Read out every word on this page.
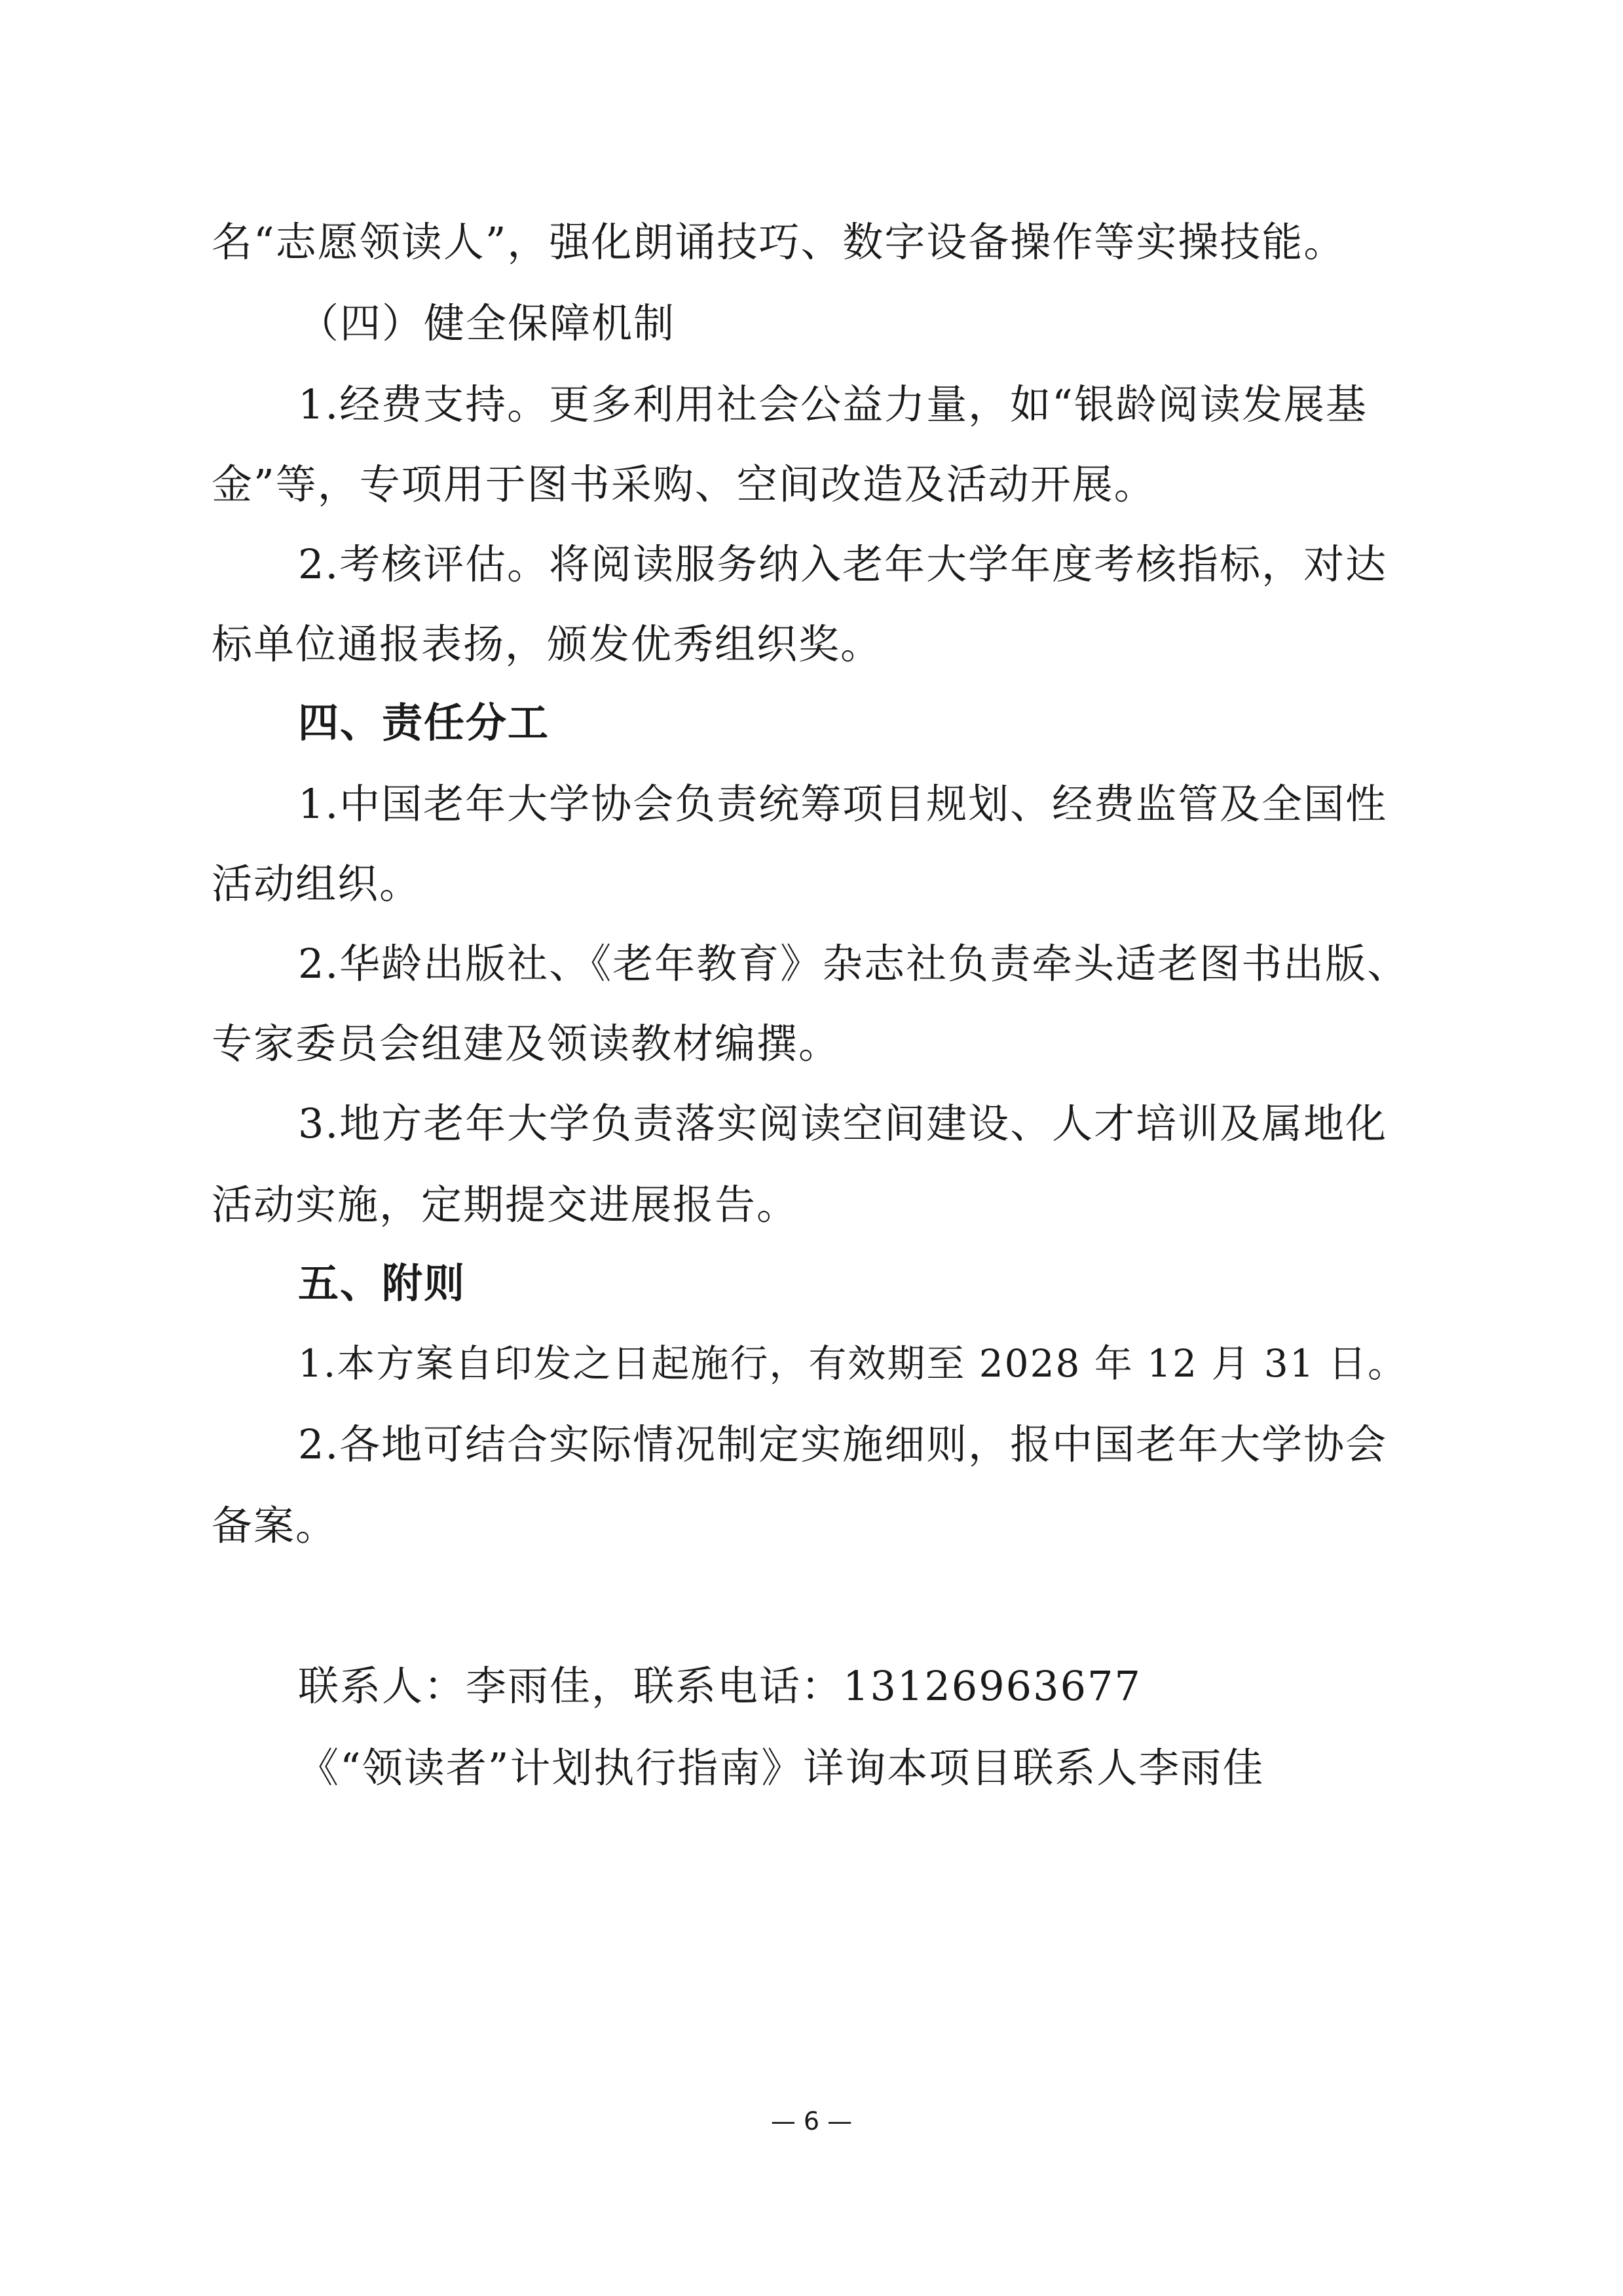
名“志愿领读人”，强化朗诵技巧、数字设备操作等实操技能。
（四）健全保障机制
1.经费支持。更多利用社会公益力量，如“银龄阅读发展基
金”等，专项用于图书采购、空间改造及活动开展。
2.考核评估。将阅读服务纳入老年大学年度考核指标，对达
标单位通报表扬，颁发优秀组织奖。
四、责任分工
1.中国老年大学协会负责统筹项目规划、经费监管及全国性
活动组织。
2.华龄出版社、《老年教育》杂志社负责牵头适老图书出版、
专家委员会组建及领读教材编撰。
3.地方老年大学负责落实阅读空间建设、人才培训及属地化
活动实施，定期提交进展报告。
五、附则
1.本方案自印发之日起施行，有效期至 2028 年 12 月 31 日。
2.各地可结合实际情况制定实施细则，报中国老年大学协会
备案。
联系人：李雨佳，联系电话：13126963677
《“领读者”计划执行指南》详询本项目联系人李雨佳
— 6 —
